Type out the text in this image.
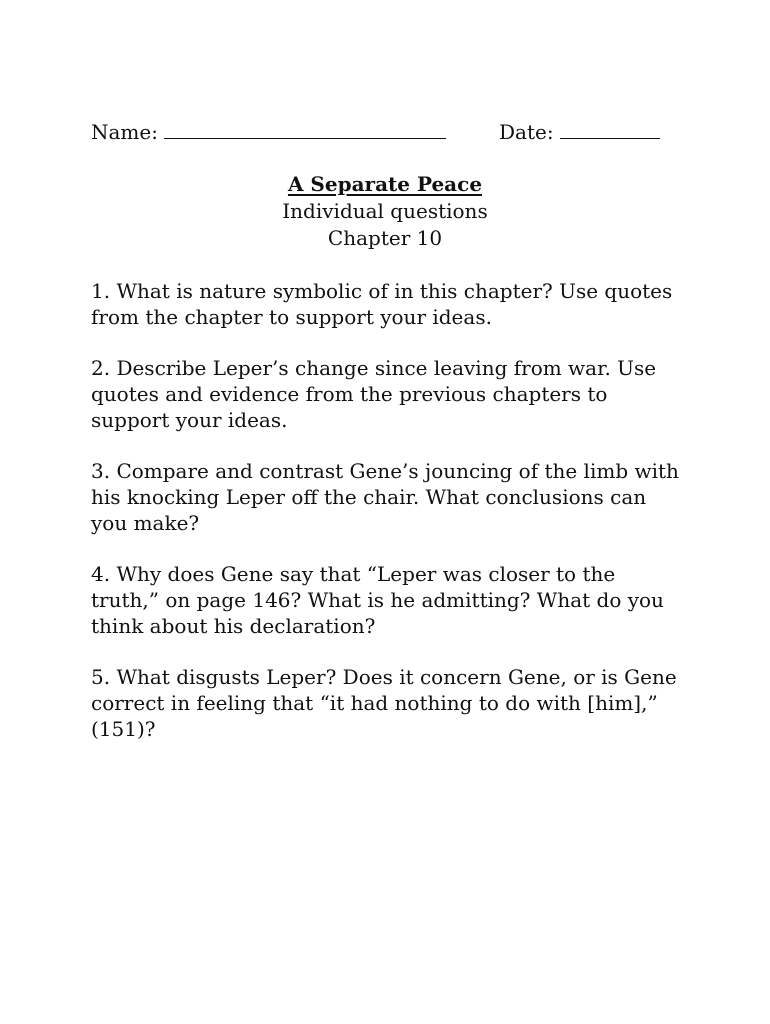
Name:	Date:
A Separate Peace
Individual questions
Chapter 10

1. What is nature symbolic of in this chapter? Use quotes from the chapter to support your ideas.

2. Describe Leper’s change since leaving from war. Use quotes and evidence from the previous chapters to support your ideas.

3. Compare and contrast Gene’s jouncing of the limb with his knocking Leper off the chair. What conclusions can you make?

4. Why does Gene say that “Leper was closer to the truth,” on page 146? What is he admitting? What do you think about his declaration?

5. What disgusts Leper? Does it concern Gene, or is Gene correct in feeling that “it had nothing to do with [him],” (151)?
